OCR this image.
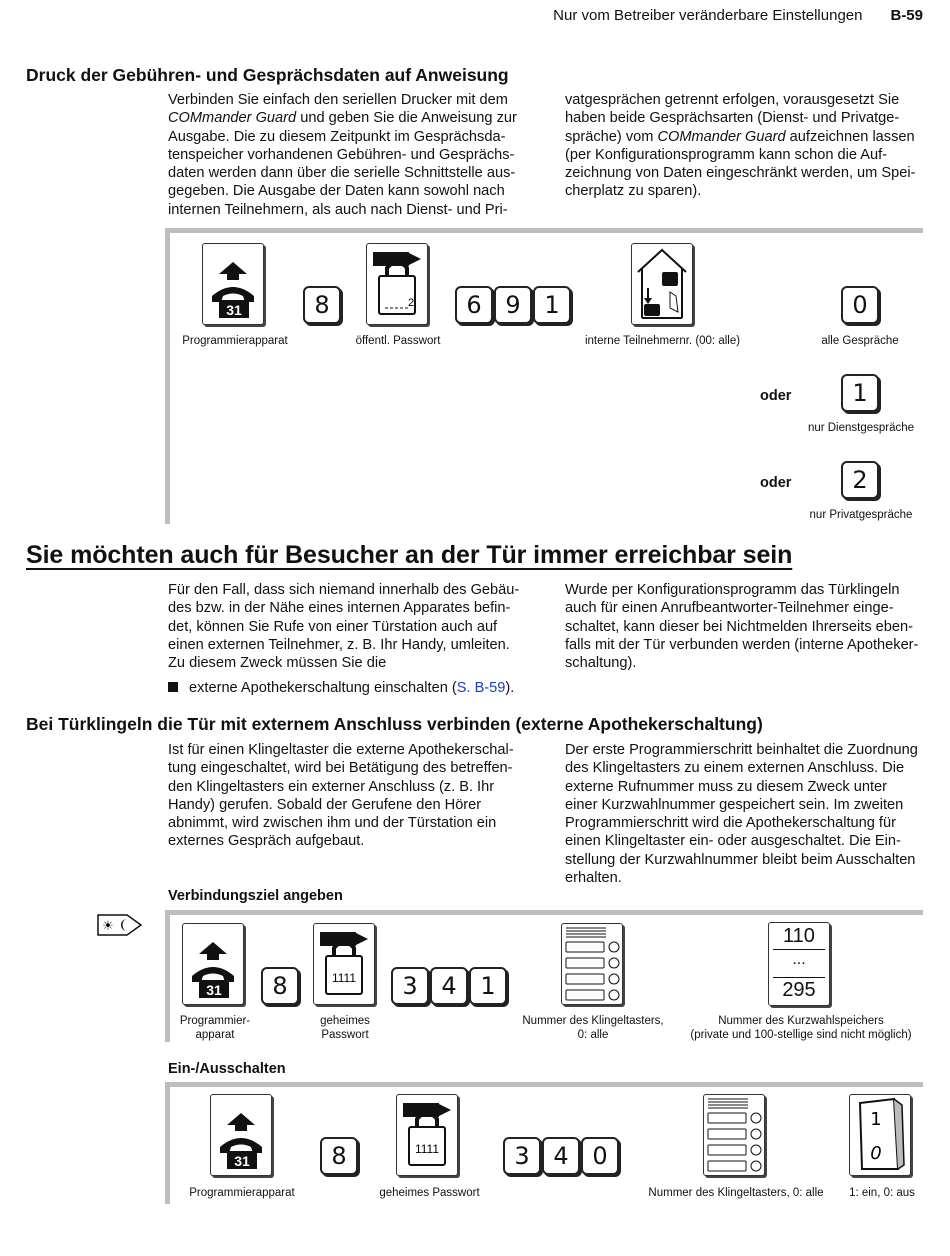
Nur vom Betreiber veränderbare Einstellungen B-59
Druck der Gebühren- und Gesprächsdaten auf Anweisung
Verbinden Sie einfach den seriellen Drucker mit dem
COMmander Guard und geben Sie die Anweisung zur
Ausgabe. Die zu diesem Zeitpunkt im Gesprächsda-
tenspeicher vorhandenen Gebühren- und Gesprächs-
daten werden dann über die serielle Schnittstelle aus-
gegeben. Die Ausgabe der Daten kann sowohl nach
internen Teilnehmern, als auch nach Dienst- und Pri-
vatgesprächen getrennt erfolgen, vorausgesetzt Sie
haben beide Gesprächsarten (Dienst- und Privatge-
spräche) vom COMmander Guard aufzeichnen lassen
(per Konfigurationsprogramm kann schon die Auf-
zeichnung von Daten eingeschränkt werden, um Spei-
cherplatz zu sparen).
31	8	2	6 9 1	0
Programmierapparat	öffentl. Passwort	interne Teilnehmernr. (00: alle)	alle Gespräche
oder	1
nur Dienstgespräche
oder	2
nur Privatgespräche
Sie möchten auch für Besucher an der Tür immer erreichbar sein
Für den Fall, dass sich niemand innerhalb des Gebäu-
des bzw. in der Nähe eines internen Apparates befin-
det, können Sie Rufe von einer Türstation auch auf
einen externen Teilnehmer, z. B. Ihr Handy, umleiten.
Zu diesem Zweck müssen Sie die
externe Apothekerschaltung einschalten (S. B-59).
Wurde per Konfigurationsprogramm das Türklingeln
auch für einen Anrufbeantworter-Teilnehmer einge-
schaltet, kann dieser bei Nichtmelden Ihrerseits eben-
falls mit der Tür verbunden werden (interne Apotheker-
schaltung).
Bei Türklingeln die Tür mit externem Anschluss verbinden (externe Apothekerschaltung)
Ist für einen Klingeltaster die externe Apothekerschal-
tung eingeschaltet, wird bei Betätigung des betreffen-
den Klingeltasters ein externer Anschluss (z. B. Ihr
Handy) gerufen. Sobald der Gerufene den Hörer
abnimmt, wird zwischen ihm und der Türstation ein
externes Gespräch aufgebaut.
Der erste Programmierschritt beinhaltet die Zuordnung
des Klingeltasters zu einem externen Anschluss. Die
externe Rufnummer muss zu diesem Zweck unter
einer Kurzwahlnummer gespeichert sein. Im zweiten
Programmierschritt wird die Apothekerschaltung für
einen Klingeltaster ein- oder ausgeschaltet. Die Ein-
stellung der Kurzwahlnummer bleibt beim Ausschalten
erhalten.
Verbindungsziel angeben
☀
31	8	1111	3 4 1
110
...
295
Programmier-
apparat
geheimes
Passwort
Nummer des Klingeltasters,
0: alle
Nummer des Kurzwahlspeichers
(private und 100-stellige sind nicht möglich)
Ein-/Ausschalten
31	8	1111	3 4 0
1
0
Programmierapparat	geheimes Passwort	Nummer des Klingeltasters, 0: alle	1: ein, 0: aus
